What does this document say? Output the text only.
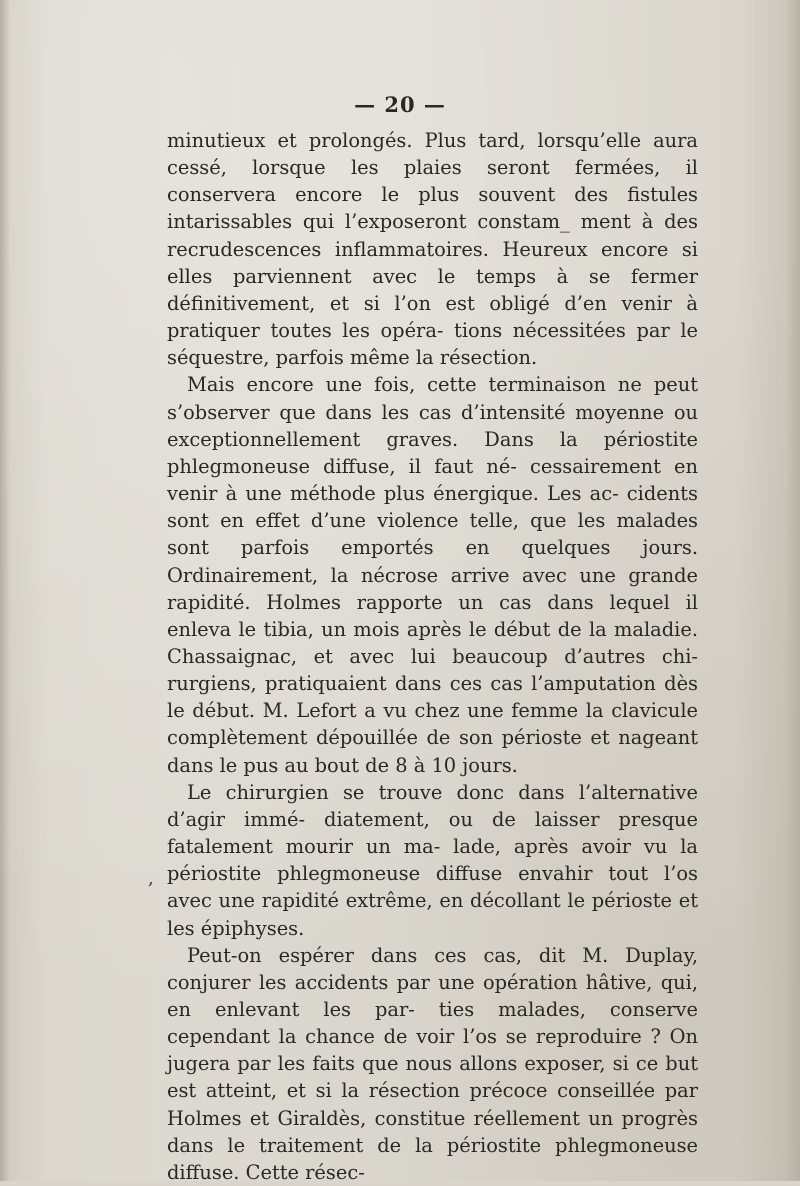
— 20 —

minutieux et prolongés. Plus tard, lorsqu’elle aura cessé, lorsque les plaies seront fermées, il conservera encore le plus souvent des fistules intarissables qui l’exposeront constam_ ment à des recrudescences inflammatoires. Heureux encore si elles parviennent avec le temps à se fermer définitivement, et si l’on est obligé d’en venir à pratiquer toutes les opéra- tions nécessitées par le séquestre, parfois même la résection.

Mais encore une fois, cette terminaison ne peut s’observer que dans les cas d’intensité moyenne ou exceptionnellement graves. Dans la périostite phlegmoneuse diffuse, il faut né- cessairement en venir à une méthode plus énergique. Les ac- cidents sont en effet d’une violence telle, que les malades sont parfois emportés en quelques jours. Ordinairement, la nécrose arrive avec une grande rapidité. Holmes rapporte un cas dans lequel il enleva le tibia, un mois après le début de la maladie. Chassaignac, et avec lui beaucoup d’autres chi- rurgiens, pratiquaient dans ces cas l’amputation dès le début. M. Lefort a vu chez une femme la clavicule complètement dépouillée de son périoste et nageant dans le pus au bout de 8 à 10 jours.

Le chirurgien se trouve donc dans l’alternative d’agir immé- diatement, ou de laisser presque fatalement mourir un ma- lade, après avoir vu la périostite phlegmoneuse diffuse envahir tout l’os avec une rapidité extrême, en décollant le périoste et les épiphyses.

Peut-on espérer dans ces cas, dit M. Duplay, conjurer les accidents par une opération hâtive, qui, en enlevant les par- ties malades, conserve cependant la chance de voir l’os se reproduire ? On jugera par les faits que nous allons exposer, si ce but est atteint, et si la résection précoce conseillée par Holmes et Giraldès, constitue réellement un progrès dans le traitement de la périostite phlegmoneuse diffuse. Cette résec-

,
